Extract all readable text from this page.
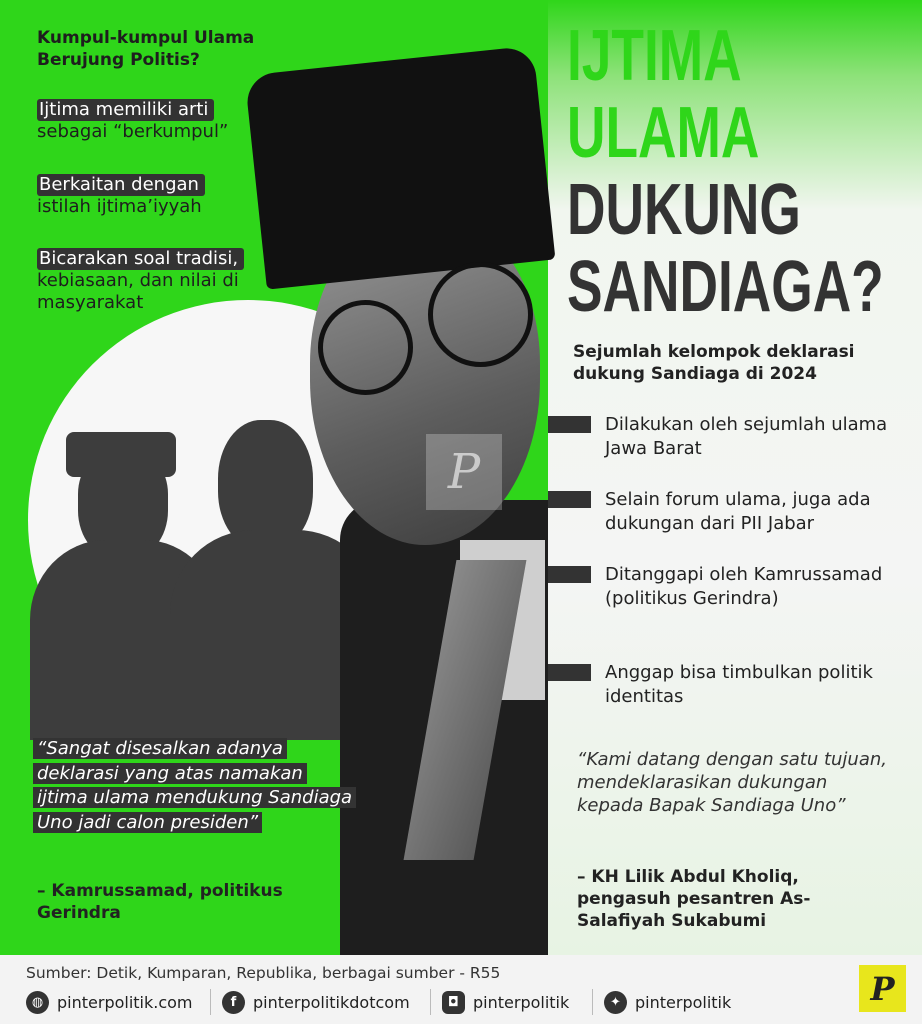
P
Kumpul-kumpul Ulama Berujung Politis?
Ijtima memiliki arti
sebagai “berkumpul”
Berkaitan dengan
istilah ijtima’iyyah
Bicarakan soal tradisi,
kebiasaan, dan nilai di masyarakat
IJTIMA
ULAMA
DUKUNG
SANDIAGA?
Sejumlah kelompok deklarasi dukung Sandiaga di 2024
Dilakukan oleh sejumlah ulama Jawa Barat
Selain forum ulama, juga ada dukungan dari PII Jabar
Ditanggapi oleh Kamrussamad (politikus Gerindra)
Anggap bisa timbulkan politik identitas
“Kami datang dengan satu tujuan, mendeklarasikan dukungan kepada Bapak Sandiaga Uno”
– KH Lilik Abdul Kholiq, pengasuh pesantren As-Salafiyah Sukabumi
“Sangat disesalkan adanya deklarasi yang atas namakan ijtima ulama mendukung Sandiaga Uno jadi calon presiden”
– Kamrussamad, politikus Gerindra
Sumber: Detik, Kumparan, Republika, berbagai sumber - R55
◍ pinterpolitik.com	f	pinterpolitikdotcom	◘ pinterpolitik	✦ pinterpolitik	P
